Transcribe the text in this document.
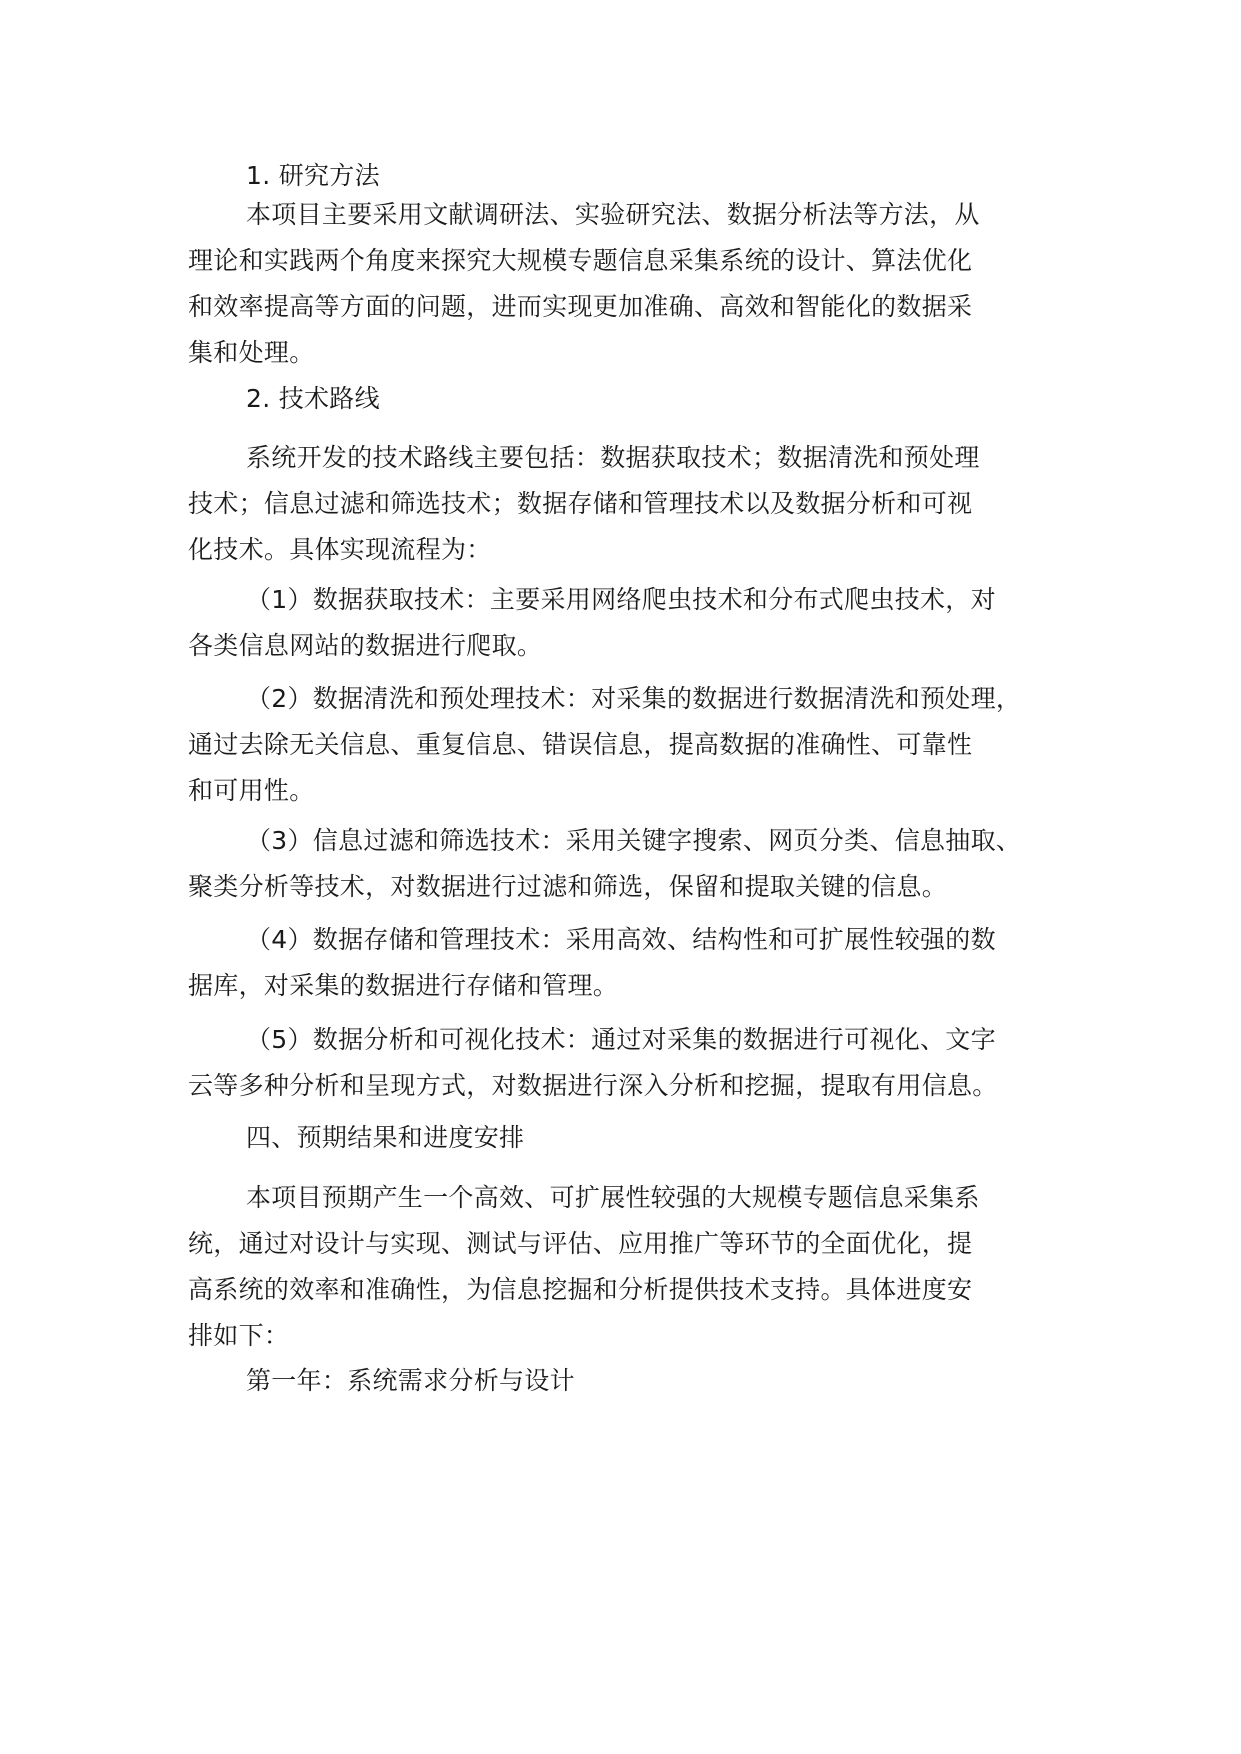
1. 研究方法

本项目主要采用文献调研法、实验研究法、数据分析法等方法，从
理论和实践两个角度来探究大规模专题信息采集系统的设计、算法优化
和效率提高等方面的问题，进而实现更加准确、高效和智能化的数据采
集和处理。

2. 技术路线

系统开发的技术路线主要包括：数据获取技术；数据清洗和预处理
技术；信息过滤和筛选技术；数据存储和管理技术以及数据分析和可视
化技术。具体实现流程为：

（1）数据获取技术：主要采用网络爬虫技术和分布式爬虫技术，对
各类信息网站的数据进行爬取。

（2）数据清洗和预处理技术：对采集的数据进行数据清洗和预处理，
通过去除无关信息、重复信息、错误信息，提高数据的准确性、可靠性
和可用性。

（3）信息过滤和筛选技术：采用关键字搜索、网页分类、信息抽取、
聚类分析等技术，对数据进行过滤和筛选，保留和提取关键的信息。

（4）数据存储和管理技术：采用高效、结构性和可扩展性较强的数
据库，对采集的数据进行存储和管理。

（5）数据分析和可视化技术：通过对采集的数据进行可视化、文字
云等多种分析和呈现方式，对数据进行深入分析和挖掘，提取有用信息。

四、预期结果和进度安排

本项目预期产生一个高效、可扩展性较强的大规模专题信息采集系
统，通过对设计与实现、测试与评估、应用推广等环节的全面优化，提
高系统的效率和准确性，为信息挖掘和分析提供技术支持。具体进度安
排如下：

第一年：系统需求分析与设计
